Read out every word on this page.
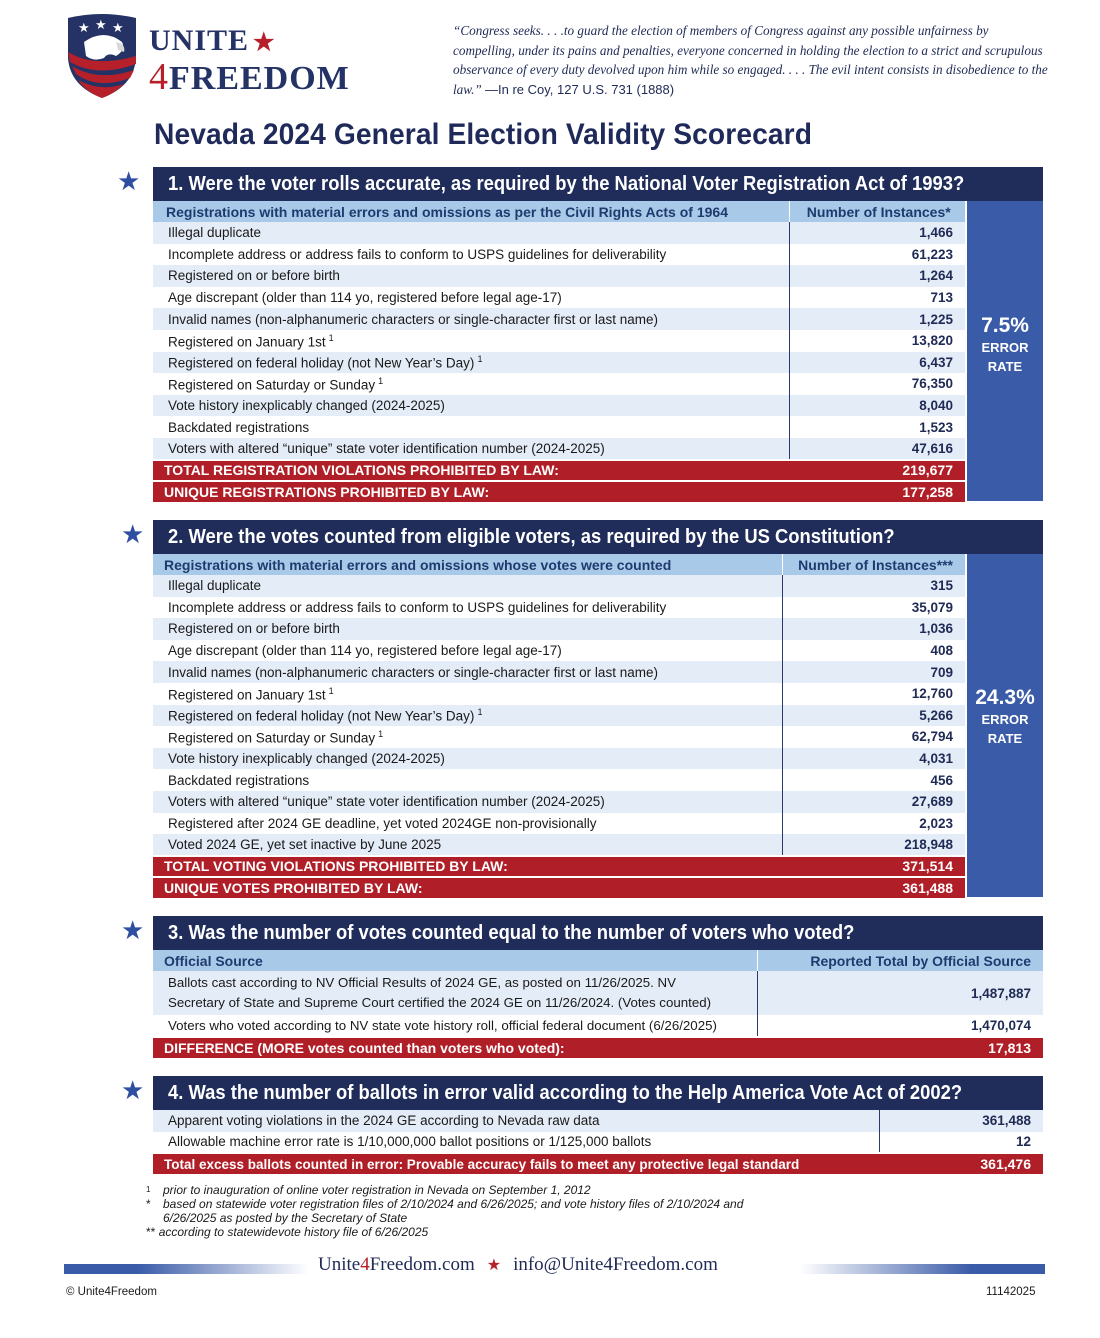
★ ★ ★ UNITE ★
4FREEDOM
“Congress seeks. . . .to guard the election of members of Congress against any possible unfairness by compelling, under its pains and penalties, everyone concerned in holding the election to a strict and scrupulous observance of every duty devolved upon him while so engaged. . . . The evil intent consists in disobedience to the law.” —In re Coy, 127 U.S. 731 (1888)
Nevada 2024 General Election Validity Scorecard
★	1. Were the voter rolls accurate, as required by the National Voter Registration Act of 1993?
Registrations with material errors and omissions as per the Civil Rights Acts of 1964	Number of Instances*
Illegal duplicate	1,466
Incomplete address or address fails to conform to USPS guidelines for deliverability	61,223
Registered on or before birth	1,264
Age discrepant (older than 114 yo, registered before legal age-17)	713
Invalid names (non-alphanumeric characters or single-character first or last name)	1,225
Registered on January 1st $^1$	13,820
Registered on federal holiday (not New Year’s Day) $^1$	6,437
Registered on Saturday or Sunday $^1$	76,350
Vote history inexplicably changed (2024-2025)	8,040
Backdated registrations	1,523
Voters with altered “unique” state voter identification number (2024-2025)	47,616
TOTAL REGISTRATION VIOLATIONS PROHIBITED BY LAW:	219,677
UNIQUE REGISTRATIONS PROHIBITED BY LAW:	177,258
7.5%
ERROR
RATE
★	2. Were the votes counted from eligible voters, as required by the US Constitution?
Registrations with material errors and omissions whose votes were counted	Number of Instances***
Illegal duplicate	315
Incomplete address or address fails to conform to USPS guidelines for deliverability	35,079
Registered on or before birth	1,036
Age discrepant (older than 114 yo, registered before legal age-17)	408
Invalid names (non-alphanumeric characters or single-character first or last name)	709
Registered on January 1st $^1$	12,760
Registered on federal holiday (not New Year’s Day) $^1$	5,266
Registered on Saturday or Sunday $^1$	62,794
Vote history inexplicably changed (2024-2025)	4,031
Backdated registrations	456
Voters with altered “unique” state voter identification number (2024-2025)	27,689
Registered after 2024 GE deadline, yet voted 2024GE non-provisionally	2,023
Voted 2024 GE, yet set inactive by June 2025	218,948
TOTAL VOTING VIOLATIONS PROHIBITED BY LAW:	371,514
UNIQUE VOTES PROHIBITED BY LAW:	361,488
24.3%
ERROR
RATE
★	3. Was the number of votes counted equal to the number of voters who voted?
Official Source	Reported Total by Official Source

Ballots cast according to NV Official Results of 2024 GE, as posted on 11/26/2025. NV
Secretary of State and Supreme Court certified the 2024 GE on 11/26/2024. (Votes counted)	1,487,887
Voters who voted according to NV state vote history roll, official federal document (6/26/2025)	1,470,074
DIFFERENCE (MORE votes counted than voters who voted):	17,813
★	4. Was the number of ballots in error valid according to the Help America Vote Act of 2002?
Apparent voting violations in the 2024 GE according to Nevada raw data	361,488
Allowable machine error rate is 1/10,000,000 ballot positions or 1/125,000 ballots	12
Total excess ballots counted in error: Provable accuracy fails to meet any protective legal standard	361,476
1	prior to inauguration of online voter registration in Nevada on September 1, 2012
*	based on statewide voter registration files of 2/10/2024 and 6/26/2025; and vote history files of 2/10/2024 and
6/26/2025 as posted by the Secretary of State
**
according to statewidevote history file of 6/26/2025
Unite4Freedom.com ★ info@Unite4Freedom.com
© Unite4Freedom	11142025
